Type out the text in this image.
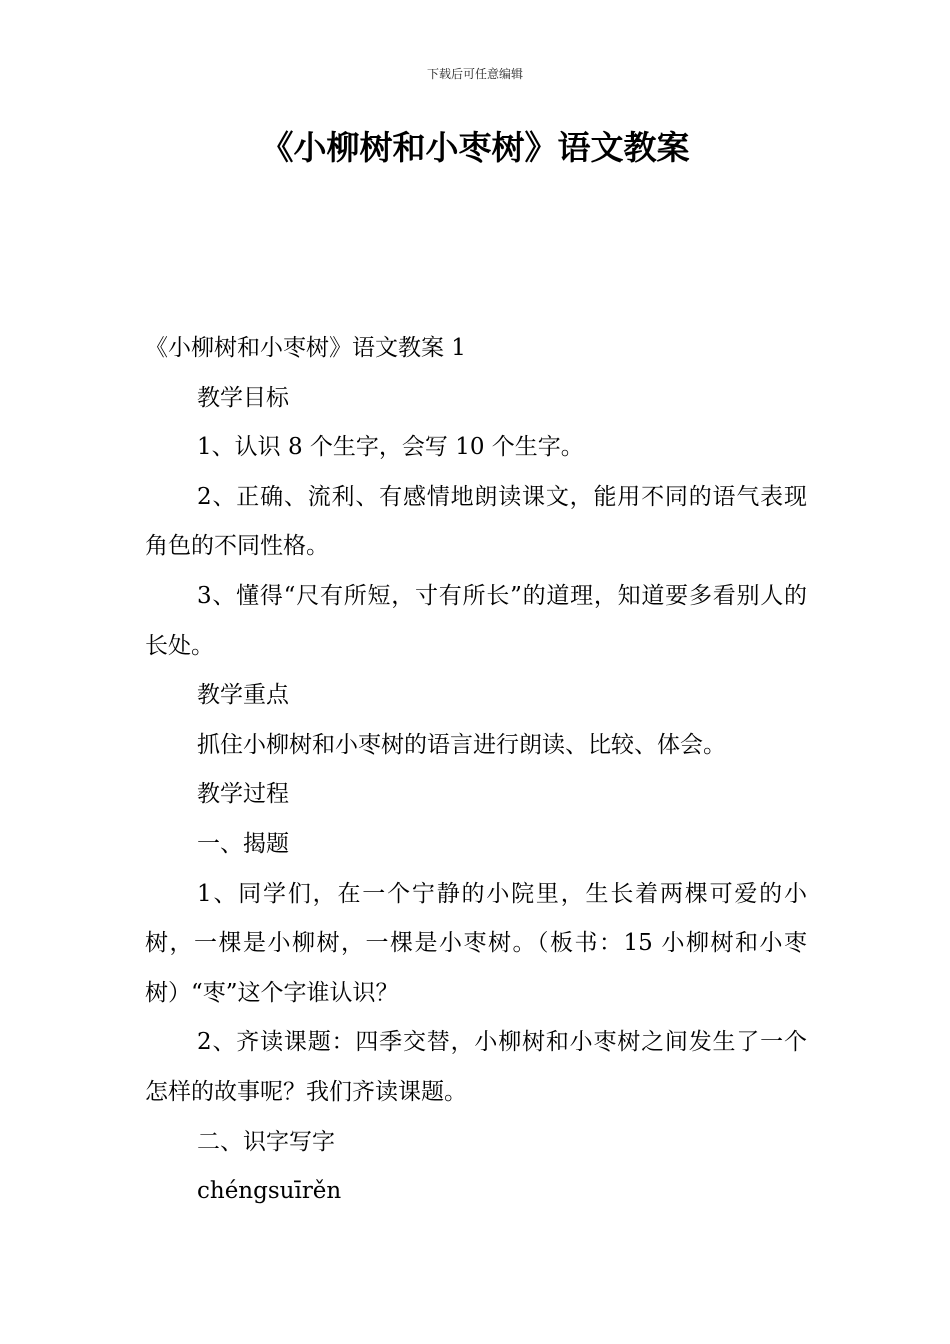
下载后可任意编辑
《小柳树和小枣树》语文教案

《小柳树和小枣树》语文教案 1

教学目标

1、认识 8 个生字，会写 10 个生字。

2、正确、流利、有感情地朗读课文，能用不同的语气表现角色的不同性格。

3、懂得“尺有所短，寸有所长”的道理，知道要多看别人的长处。

教学重点

抓住小柳树和小枣树的语言进行朗读、比较、体会。

教学过程

一、揭题

1、同学们，在一个宁静的小院里，生长着两棵可爱的小树，一棵是小柳树，一棵是小枣树。（板书：15 小柳树和小枣树）“枣”这个字谁认识？

2、齐读课题：四季交替，小柳树和小枣树之间发生了一个怎样的故事呢？我们齐读课题。

二、识字写字

chéngsuīrěn
